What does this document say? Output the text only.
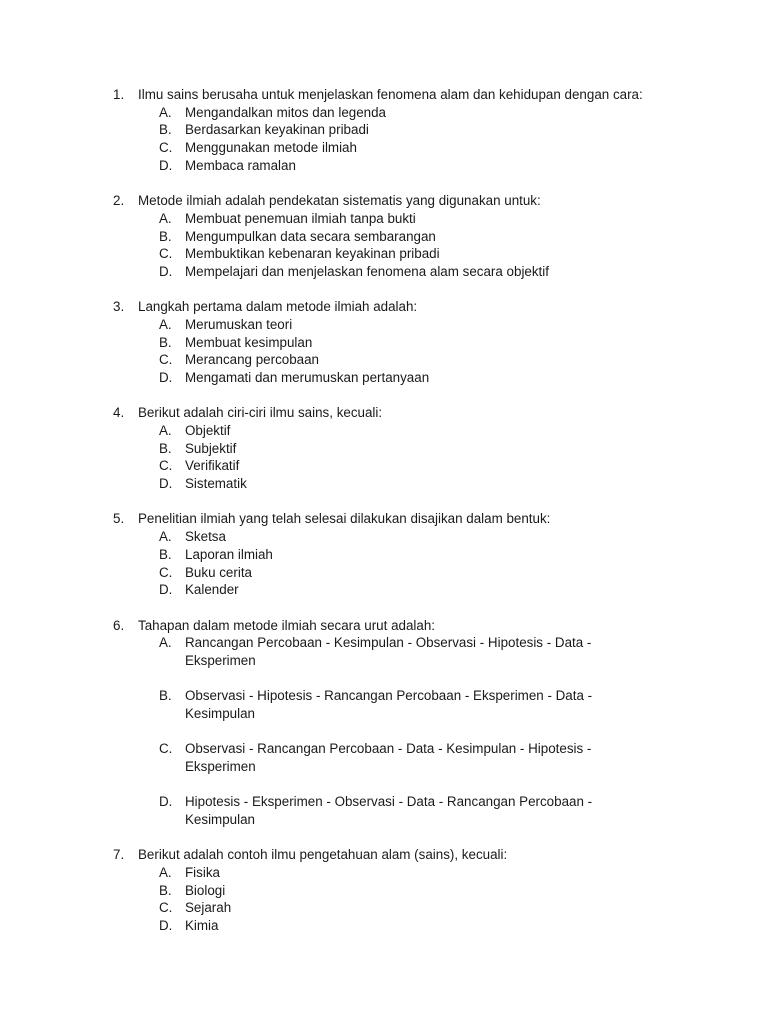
1.	Ilmu sains berusaha untuk menjelaskan fenomena alam dan kehidupan dengan cara:
A. Mengandalkan mitos dan legenda
B. Berdasarkan keyakinan pribadi
C. Menggunakan metode ilmiah
D. Membaca ramalan
2.	Metode ilmiah adalah pendekatan sistematis yang digunakan untuk:
A. Membuat penemuan ilmiah tanpa bukti
B. Mengumpulkan data secara sembarangan
C. Membuktikan kebenaran keyakinan pribadi
D. Mempelajari dan menjelaskan fenomena alam secara objektif
3.	Langkah pertama dalam metode ilmiah adalah:
A. Merumuskan teori
B. Membuat kesimpulan
C. Merancang percobaan
D. Mengamati dan merumuskan pertanyaan
4.	Berikut adalah ciri-ciri ilmu sains, kecuali:
A. Objektif
B. Subjektif
C. Verifikatif
D. Sistematik
5.	Penelitian ilmiah yang telah selesai dilakukan disajikan dalam bentuk:
A. Sketsa
B. Laporan ilmiah
C. Buku cerita
D. Kalender
6.	Tahapan dalam metode ilmiah secara urut adalah:
A. Rancangan Percobaan - Kesimpulan - Observasi - Hipotesis - Data - Eksperimen
B. Observasi - Hipotesis - Rancangan Percobaan - Eksperimen - Data - Kesimpulan
C. Observasi - Rancangan Percobaan - Data - Kesimpulan - Hipotesis - Eksperimen
D. Hipotesis - Eksperimen - Observasi - Data - Rancangan Percobaan - Kesimpulan
7.	Berikut adalah contoh ilmu pengetahuan alam (sains), kecuali:
A. Fisika
B. Biologi
C. Sejarah
D. Kimia
